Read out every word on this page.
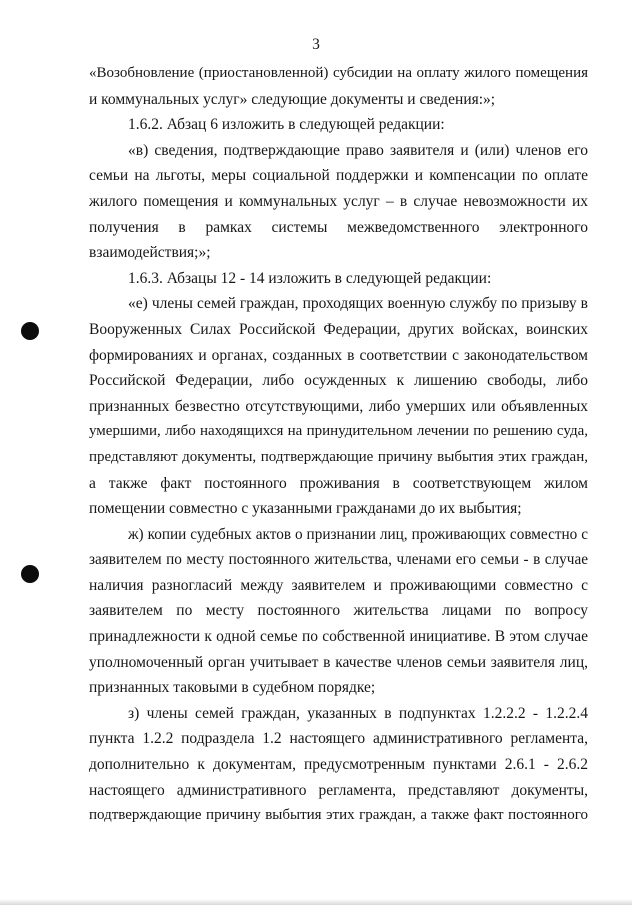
3
«Возобновление (приостановленной) субсидии на оплату жилого помещения
и коммунальных услуг» следующие документы и сведения:»;
1.6.2. Абзац 6 изложить в следующей редакции:
«в) сведения, подтверждающие право заявителя и (или) членов его
семьи на льготы, меры социальной поддержки и компенсации по оплате
жилого помещения и коммунальных услуг – в случае невозможности их
получения в рамках системы межведомственного электронного
взаимодействия;»;
1.6.3. Абзацы 12 - 14 изложить в следующей редакции:
«е) члены семей граждан, проходящих военную службу по призыву в
Вооруженных Силах Российской Федерации, других войсках, воинских
формированиях и органах, созданных в соответствии с законодательством
Российской Федерации, либо осужденных к лишению свободы, либо
признанных безвестно отсутствующими, либо умерших или объявленных
умершими, либо находящихся на принудительном лечении по решению суда,
представляют документы, подтверждающие причину выбытия этих граждан,
а также факт постоянного проживания в соответствующем жилом
помещении совместно с указанными гражданами до их выбытия;
ж) копии судебных актов о признании лиц, проживающих совместно с
заявителем по месту постоянного жительства, членами его семьи - в случае
наличия разногласий между заявителем и проживающими совместно с
заявителем по месту постоянного жительства лицами по вопросу
принадлежности к одной семье по собственной инициативе. В этом случае
уполномоченный орган учитывает в качестве членов семьи заявителя лиц,
признанных таковыми в судебном порядке;
з) члены семей граждан, указанных в подпунктах 1.2.2.2 - 1.2.2.4
пункта 1.2.2 подраздела 1.2 настоящего административного регламента,
дополнительно к документам, предусмотренным пунктами 2.6.1 - 2.6.2
настоящего административного регламента, представляют документы,
подтверждающие причину выбытия этих граждан, а также факт постоянного
